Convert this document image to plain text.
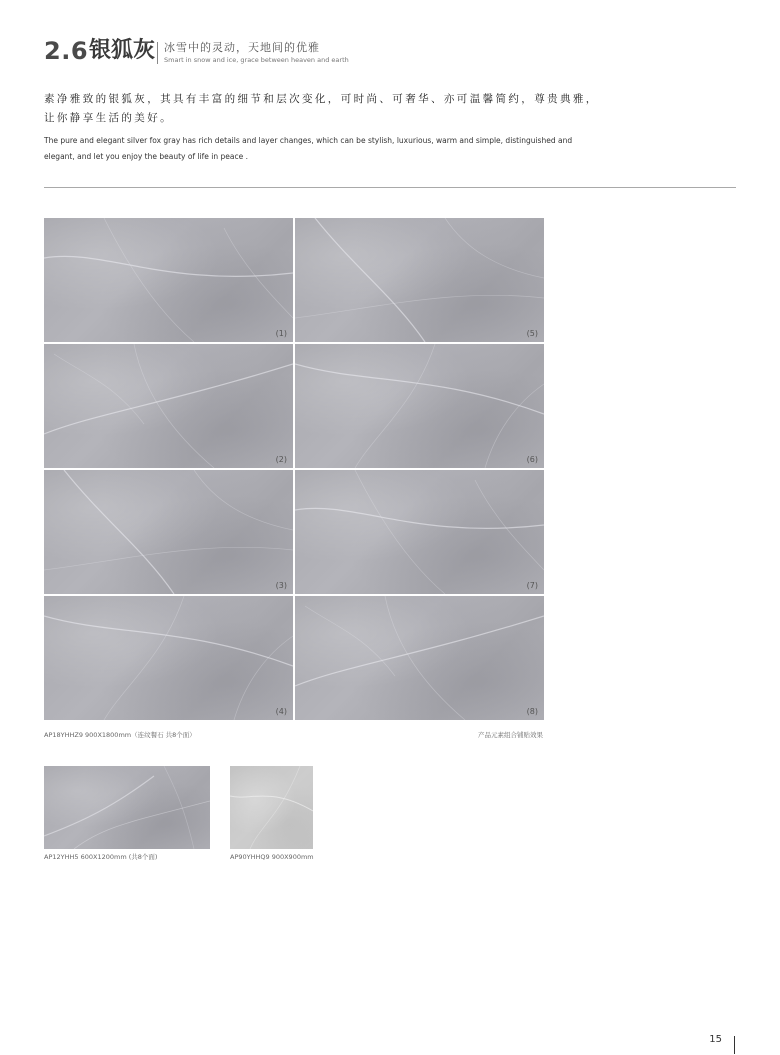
2.6 银狐灰 冰雪中的灵动，天地间的优雅
Smart in snow and ice, grace between heaven and earth
素净雅致的银狐灰，其具有丰富的细节和层次变化，可时尚、可奢华、亦可温馨简约，尊贵典雅，
让你静享生活的美好。
The pure and elegant silver fox gray has rich details and layer changes, which can be stylish, luxurious, warm and simple, distinguished and
elegant, and let you enjoy the beauty of life in peace .
(1)	(5)
(2)	(6)
(3)	(7)
(4)	(8)
AP18YHHZ9 900X1800mm（连纹餐石 共8个面）	产品元素组合铺贴效果
AP12YHH5 600X1200mm (共8个面)	AP90YHHQ9 900X900mm
15
